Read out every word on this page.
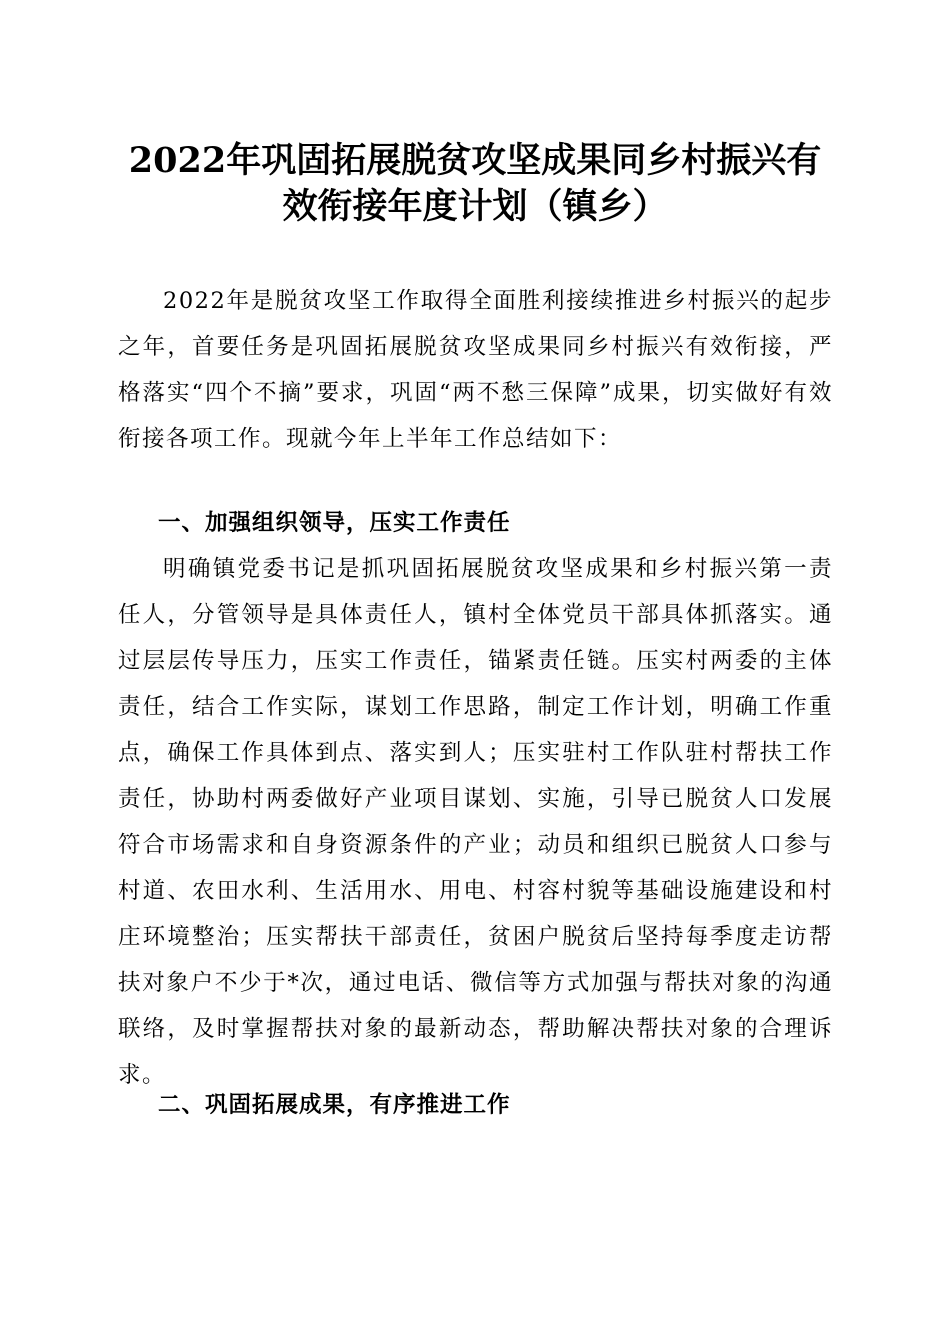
2022年巩固拓展脱贫攻坚成果同乡村振兴有
效衔接年度计划（镇乡）
2022年是脱贫攻坚工作取得全面胜利接续推进乡村振兴的起步之年，首要任务是巩固拓展脱贫攻坚成果同乡村振兴有效衔接，严格落实“四个不摘”要求，巩固“两不愁三保障”成果，切实做好有效衔接各项工作。现就今年上半年工作总结如下：
一、加强组织领导，压实工作责任
明确镇党委书记是抓巩固拓展脱贫攻坚成果和乡村振兴第一责任人，分管领导是具体责任人，镇村全体党员干部具体抓落实。通过层层传导压力，压实工作责任，锚紧责任链。压实村两委的主体责任，结合工作实际，谋划工作思路，制定工作计划，明确工作重点，确保工作具体到点、落实到人；压实驻村工作队驻村帮扶工作责任，协助村两委做好产业项目谋划、实施，引导已脱贫人口发展符合市场需求和自身资源条件的产业；动员和组织已脱贫人口参与村道、农田水利、生活用水、用电、村容村貌等基础设施建设和村庄环境整治；压实帮扶干部责任，贫困户脱贫后坚持每季度走访帮扶对象户不少于*次，通过电话、微信等方式加强与帮扶对象的沟通联络，及时掌握帮扶对象的最新动态，帮助解决帮扶对象的合理诉求。
二、巩固拓展成果，有序推进工作
